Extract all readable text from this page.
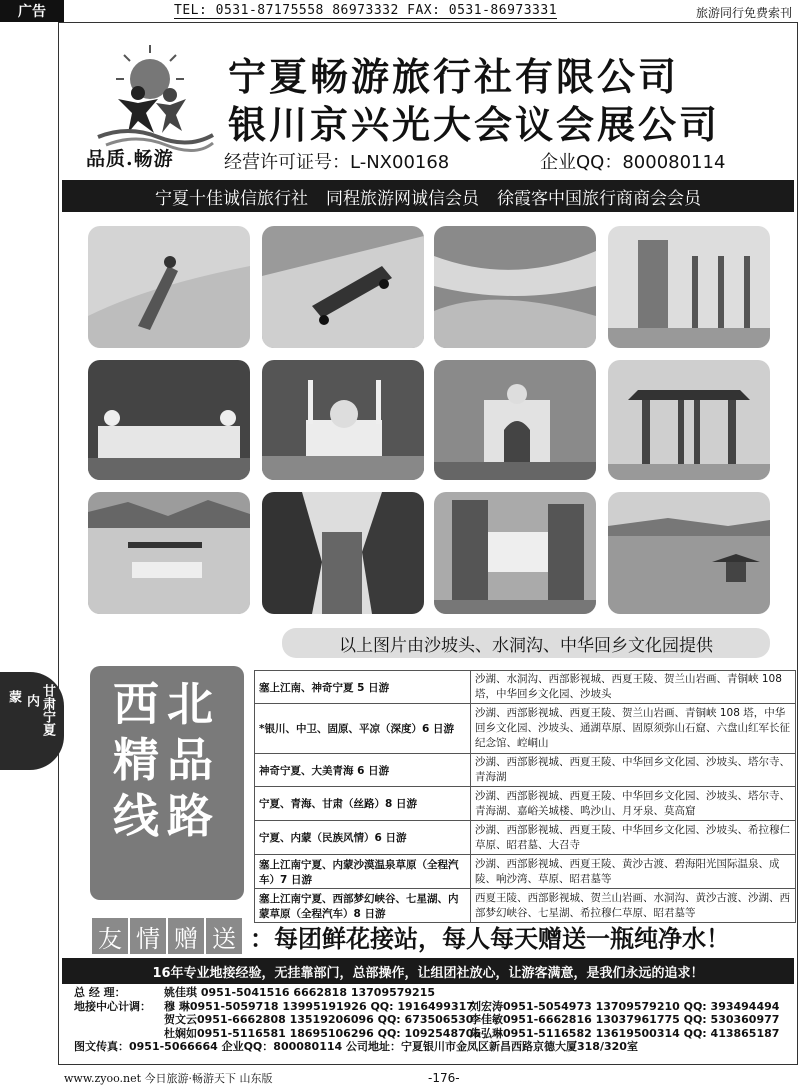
广告	TEL: 0531-87175558 86973332 FAX: 0531-86973331	旅游同行免费索刊
品质.畅游
宁夏畅游旅行社有限公司
银川京兴光大会议会展公司
经营许可证号：L-NX00168	企业QQ：800080114
宁夏十佳诚信旅行社 同程旅游网诚信会员 徐霞客中国旅行商商会会员
以上图片由沙坡头、水洞沟、中华回乡文化园提供
甘肃宁夏
内
蒙	西北
精品
线路
塞上江南、神奇宁夏 5 日游	沙湖、水洞沟、西部影视城、西夏王陵、贺兰山岩画、青铜峡 108 塔，中华回乡文化园、沙坡头
*银川、中卫、固原、平凉（深度）6 日游	沙湖、西部影视城、西夏王陵、贺兰山岩画、青铜峡 108 塔，中华回乡文化园、沙坡头、通湖草原、固原须弥山石窟、六盘山红军长征纪念馆、崆峒山
神奇宁夏、大美青海 6 日游	沙湖、西部影视城、西夏王陵、中华回乡文化园、沙坡头、塔尔寺、青海湖
宁夏、青海、甘肃（丝路）8 日游	沙湖、西部影视城、西夏王陵、中华回乡文化园、沙坡头、塔尔寺、青海湖、嘉峪关城楼、鸣沙山、月牙泉、莫高窟
宁夏、内蒙（民族风情）6 日游	沙湖、西部影视城、西夏王陵、中华回乡文化园、沙坡头、希拉穆仁草原、昭君墓、大召寺
塞上江南宁夏、内蒙沙漠温泉草原（全程汽车）7 日游	沙湖、西部影视城、西夏王陵、黄沙古渡、碧海阳光国际温泉、成陵、响沙湾、草原、昭君墓等
塞上江南宁夏、西部梦幻峡谷、七星湖、内蒙草原（全程汽车）8 日游	西夏王陵、西部影视城、贺兰山岩画、水洞沟、黄沙古渡、沙湖、西部梦幻峡谷、七星湖、希拉穆仁草原、昭君墓等
友 情 赠 送 ：每团鲜花接站，每人每天赠送一瓶纯净水！
16年专业地接经验，无挂靠部门，总部操作，让组团社放心，让游客满意，是我们永远的追求！
总 经 理：	姚佳琪 0951-5041516 6662818 13709579215
地接中心计调：	穆 琳0951-5059718 13995191926 QQ: 1916499317
刘宏涛0951-5054973 13709579210 QQ: 393494494
贺文云0951-6662808 13519206096 QQ: 673506530
李佳敏0951-6662816 13037961775 QQ: 530360977
杜娴如0951-5116581 18695106296 QQ: 1092548705
朱弘琳0951-5116582 13619500314 QQ: 413865187
图文传真：0951-5066664 企业QQ：800080114 公司地址：宁夏银川市金凤区新昌西路京德大厦318/320室
www.zyoo.net 今日旅游·畅游天下 山东版	-176-
